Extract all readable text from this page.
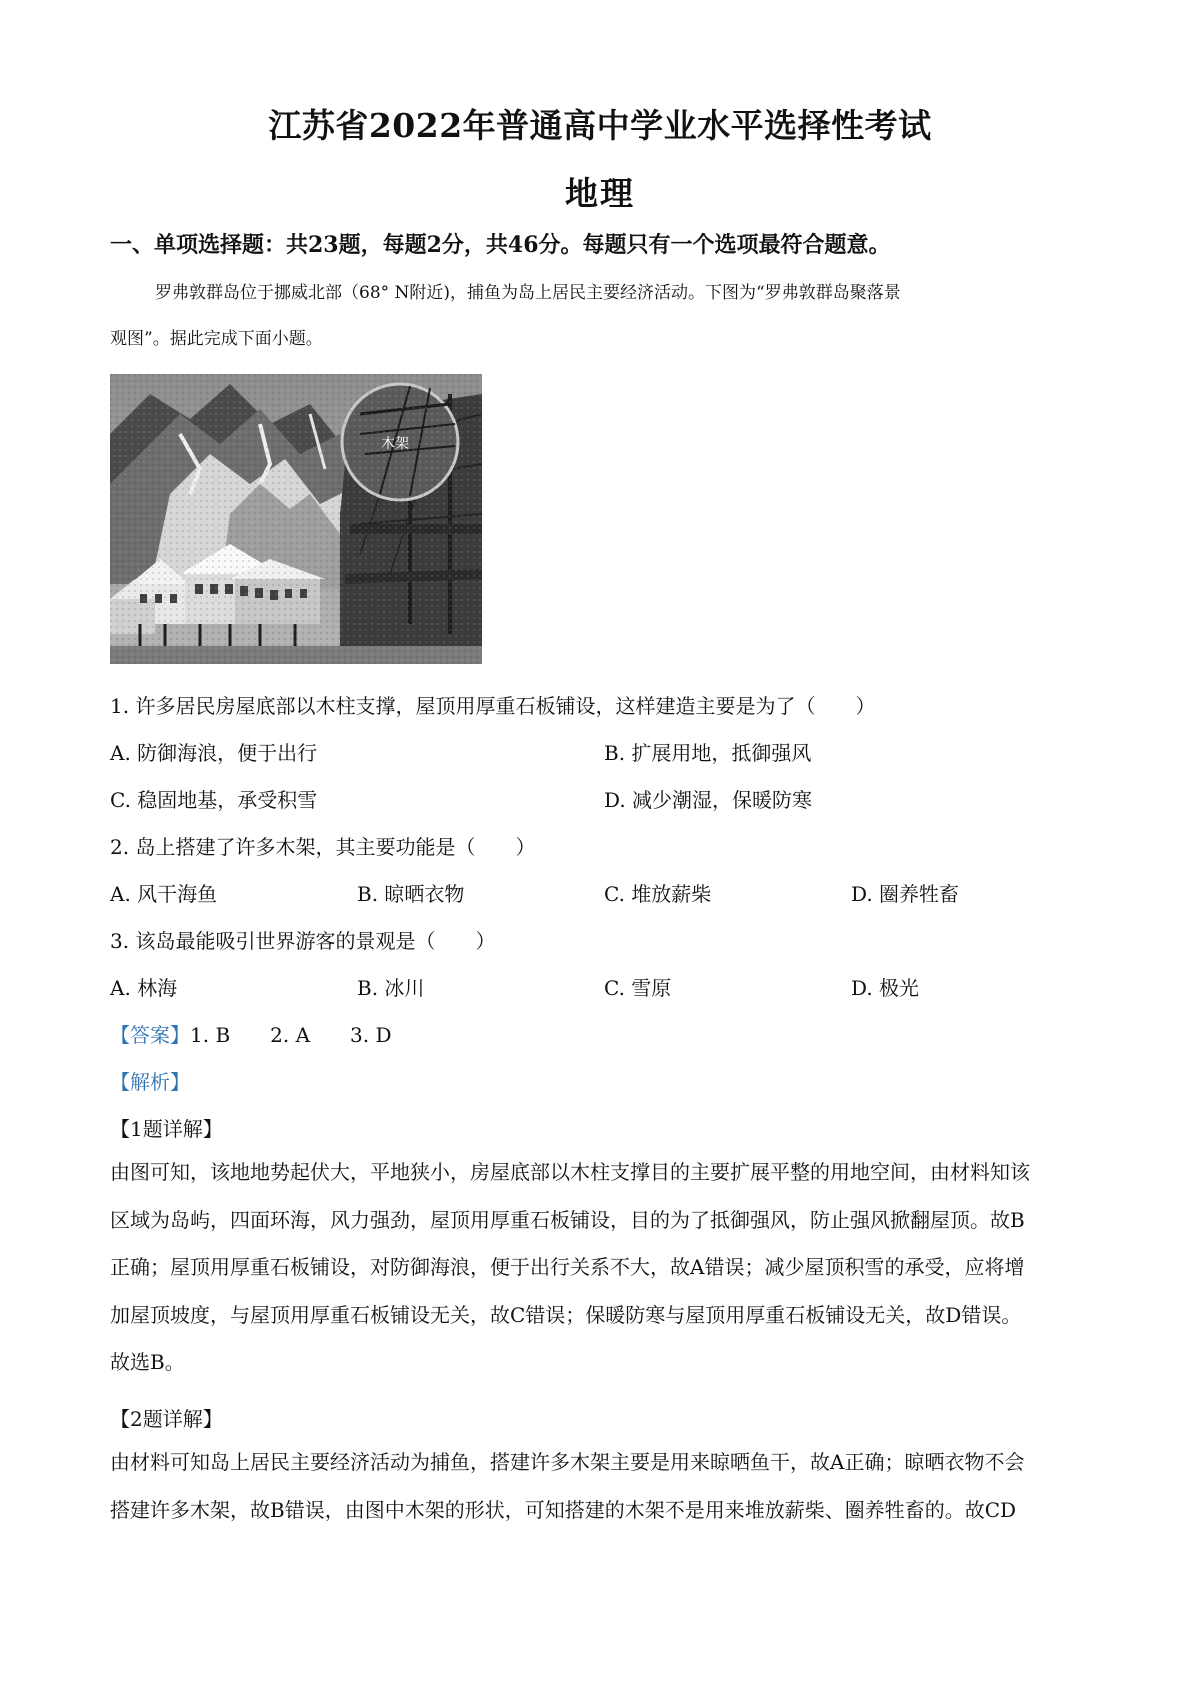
江苏省2022年普通高中学业水平选择性考试
地理
一、单项选择题：共23题，每题2分，共46分。每题只有一个选项最符合题意。
罗弗敦群岛位于挪威北部（68° N附近)，捕鱼为岛上居民主要经济活动。下图为“罗弗敦群岛聚落景
观图”。据此完成下面小题。
木架
1. 许多居民房屋底部以木柱支撑，屋顶用厚重石板铺设，这样建造主要是为了（　　）
A. 防御海浪，便于出行	B. 扩展用地，抵御强风
C. 稳固地基，承受积雪	D. 减少潮湿，保暖防寒
2. 岛上搭建了许多木架，其主要功能是（　　）
A. 风干海鱼	B. 晾晒衣物	C. 堆放薪柴	D. 圈养牲畜
3. 该岛最能吸引世界游客的景观是（　　）
A. 林海	B. 冰川	C. 雪原	D. 极光
【答案】1. B　　2. A　　3. D
【解析】
【1题详解】
由图可知，该地地势起伏大，平地狭小，房屋底部以木柱支撑目的主要扩展平整的用地空间，由材料知该
区域为岛屿，四面环海，风力强劲，屋顶用厚重石板铺设，目的为了抵御强风，防止强风掀翻屋顶。故B
正确；屋顶用厚重石板铺设，对防御海浪，便于出行关系不大，故A错误；减少屋顶积雪的承受，应将增
加屋顶坡度，与屋顶用厚重石板铺设无关，故C错误；保暖防寒与屋顶用厚重石板铺设无关，故D错误。
故选B。
【2题详解】
由材料可知岛上居民主要经济活动为捕鱼，搭建许多木架主要是用来晾晒鱼干，故A正确；晾晒衣物不会
搭建许多木架，故B错误，由图中木架的形状，可知搭建的木架不是用来堆放薪柴、圈养牲畜的。故CD
